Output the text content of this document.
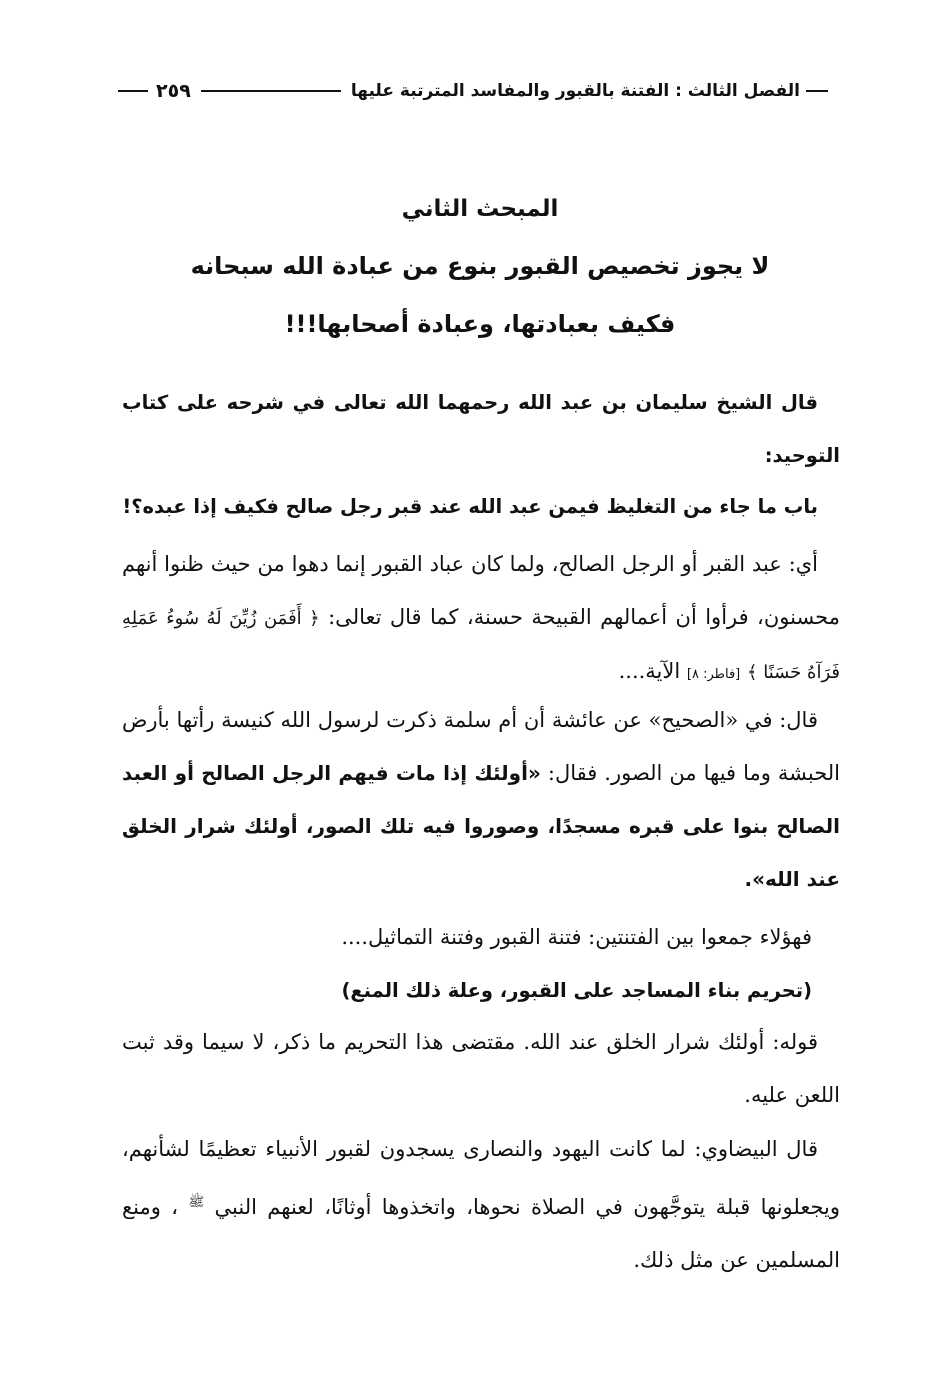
الفصل الثالث : الفتنة بالقبور والمفاسد المترتبة عليها
٢٥٩
المبحث الثاني
لا يجوز تخصيص القبور بنوع من عبادة الله سبحانه
فكيف بعبادتها، وعبادة أصحابها!!!
قال الشيخ سليمان بن عبد الله رحمهما الله تعالى في شرحه على كتاب التوحيد:
باب ما جاء من التغليظ فيمن عبد الله عند قبر رجل صالح فكيف إذا عبده؟!
أي: عبد القبر أو الرجل الصالح، ولما كان عباد القبور إنما دهوا من حيث ظنوا أنهم محسنون، فرأوا أن أعمالهم القبيحة حسنة، كما قال تعالى: ﴿ أَفَمَن زُيِّنَ لَهُ سُوءُ عَمَلِهِ فَرَآهُ حَسَنًا ﴾ [فاطر: ٨] الآية....
قال: في «الصحيح» عن عائشة أن أم سلمة ذكرت لرسول الله كنيسة رأتها بأرض الحبشة وما فيها من الصور. فقال: «أولئك إذا مات فيهم الرجل الصالح أو العبد الصالح بنوا على قبره مسجدًا، وصوروا فيه تلك الصور، أولئك شرار الخلق عند الله».
فهؤلاء جمعوا بين الفتنتين: فتنة القبور وفتنة التماثيل....
(تحريم بناء المساجد على القبور، وعلة ذلك المنع)
قوله: أولئك شرار الخلق عند الله. مقتضى هذا التحريم ما ذكر، لا سيما وقد ثبت اللعن عليه.
قال البيضاوي: لما كانت اليهود والنصارى يسجدون لقبور الأنبياء تعظيمًا لشأنهم، ويجعلونها قبلة يتوجَّهون في الصلاة نحوها، واتخذوها أوثانًا، لعنهم النبي $^ﷺ$ ، ومنع المسلمين عن مثل ذلك.
